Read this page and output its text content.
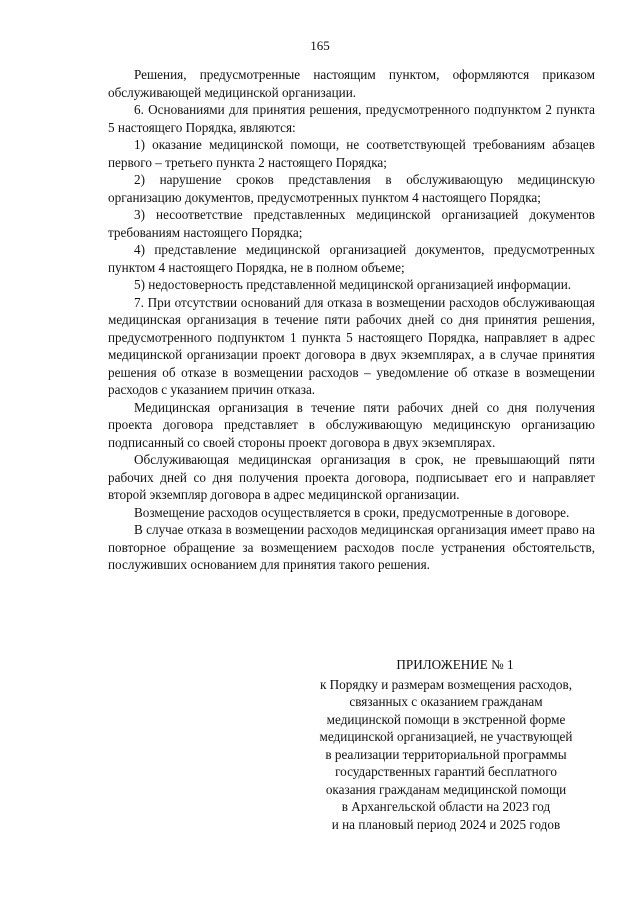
165

Решения, предусмотренные настоящим пунктом, оформляются приказом обслуживающей медицинской организации.

6. Основаниями для принятия решения, предусмотренного подпунктом 2 пункта 5 настоящего Порядка, являются:

1) оказание медицинской помощи, не соответствующей требованиям абзацев первого – третьего пункта 2 настоящего Порядка;

2) нарушение сроков представления в обслуживающую медицинскую организацию документов, предусмотренных пунктом 4 настоящего Порядка;

3) несоответствие представленных медицинской организацией документов требованиям настоящего Порядка;

4) представление медицинской организацией документов, предусмотренных пунктом 4 настоящего Порядка, не в полном объеме;

5) недостоверность представленной медицинской организацией информации.

7. При отсутствии оснований для отказа в возмещении расходов обслуживающая медицинская организация в течение пяти рабочих дней со дня принятия решения, предусмотренного подпунктом 1 пункта 5 настоящего Порядка, направляет в адрес медицинской организации проект договора в двух экземплярах, а в случае принятия решения об отказе в возмещении расходов – уведомление об отказе в возмещении расходов с указанием причин отказа.

Медицинская организация в течение пяти рабочих дней со дня получения проекта договора представляет в обслуживающую медицинскую организацию подписанный со своей стороны проект договора в двух экземплярах.

Обслуживающая медицинская организация в срок, не превышающий пяти рабочих дней со дня получения проекта договора, подписывает его и направляет второй экземпляр договора в адрес медицинской организации.

Возмещение расходов осуществляется в сроки, предусмотренные в договоре.

В случае отказа в возмещении расходов медицинская организация имеет право на повторное обращение за возмещением расходов после устранения обстоятельств, послуживших основанием для принятия такого решения.

ПРИЛОЖЕНИЕ № 1

к Порядку и размерам возмещения расходов,

связанных с оказанием гражданам

медицинской помощи в экстренной форме

медицинской организацией, не участвующей

в реализации территориальной программы

государственных гарантий бесплатного

оказания гражданам медицинской помощи

в Архангельской области на 2023 год

и на плановый период 2024 и 2025 годов
